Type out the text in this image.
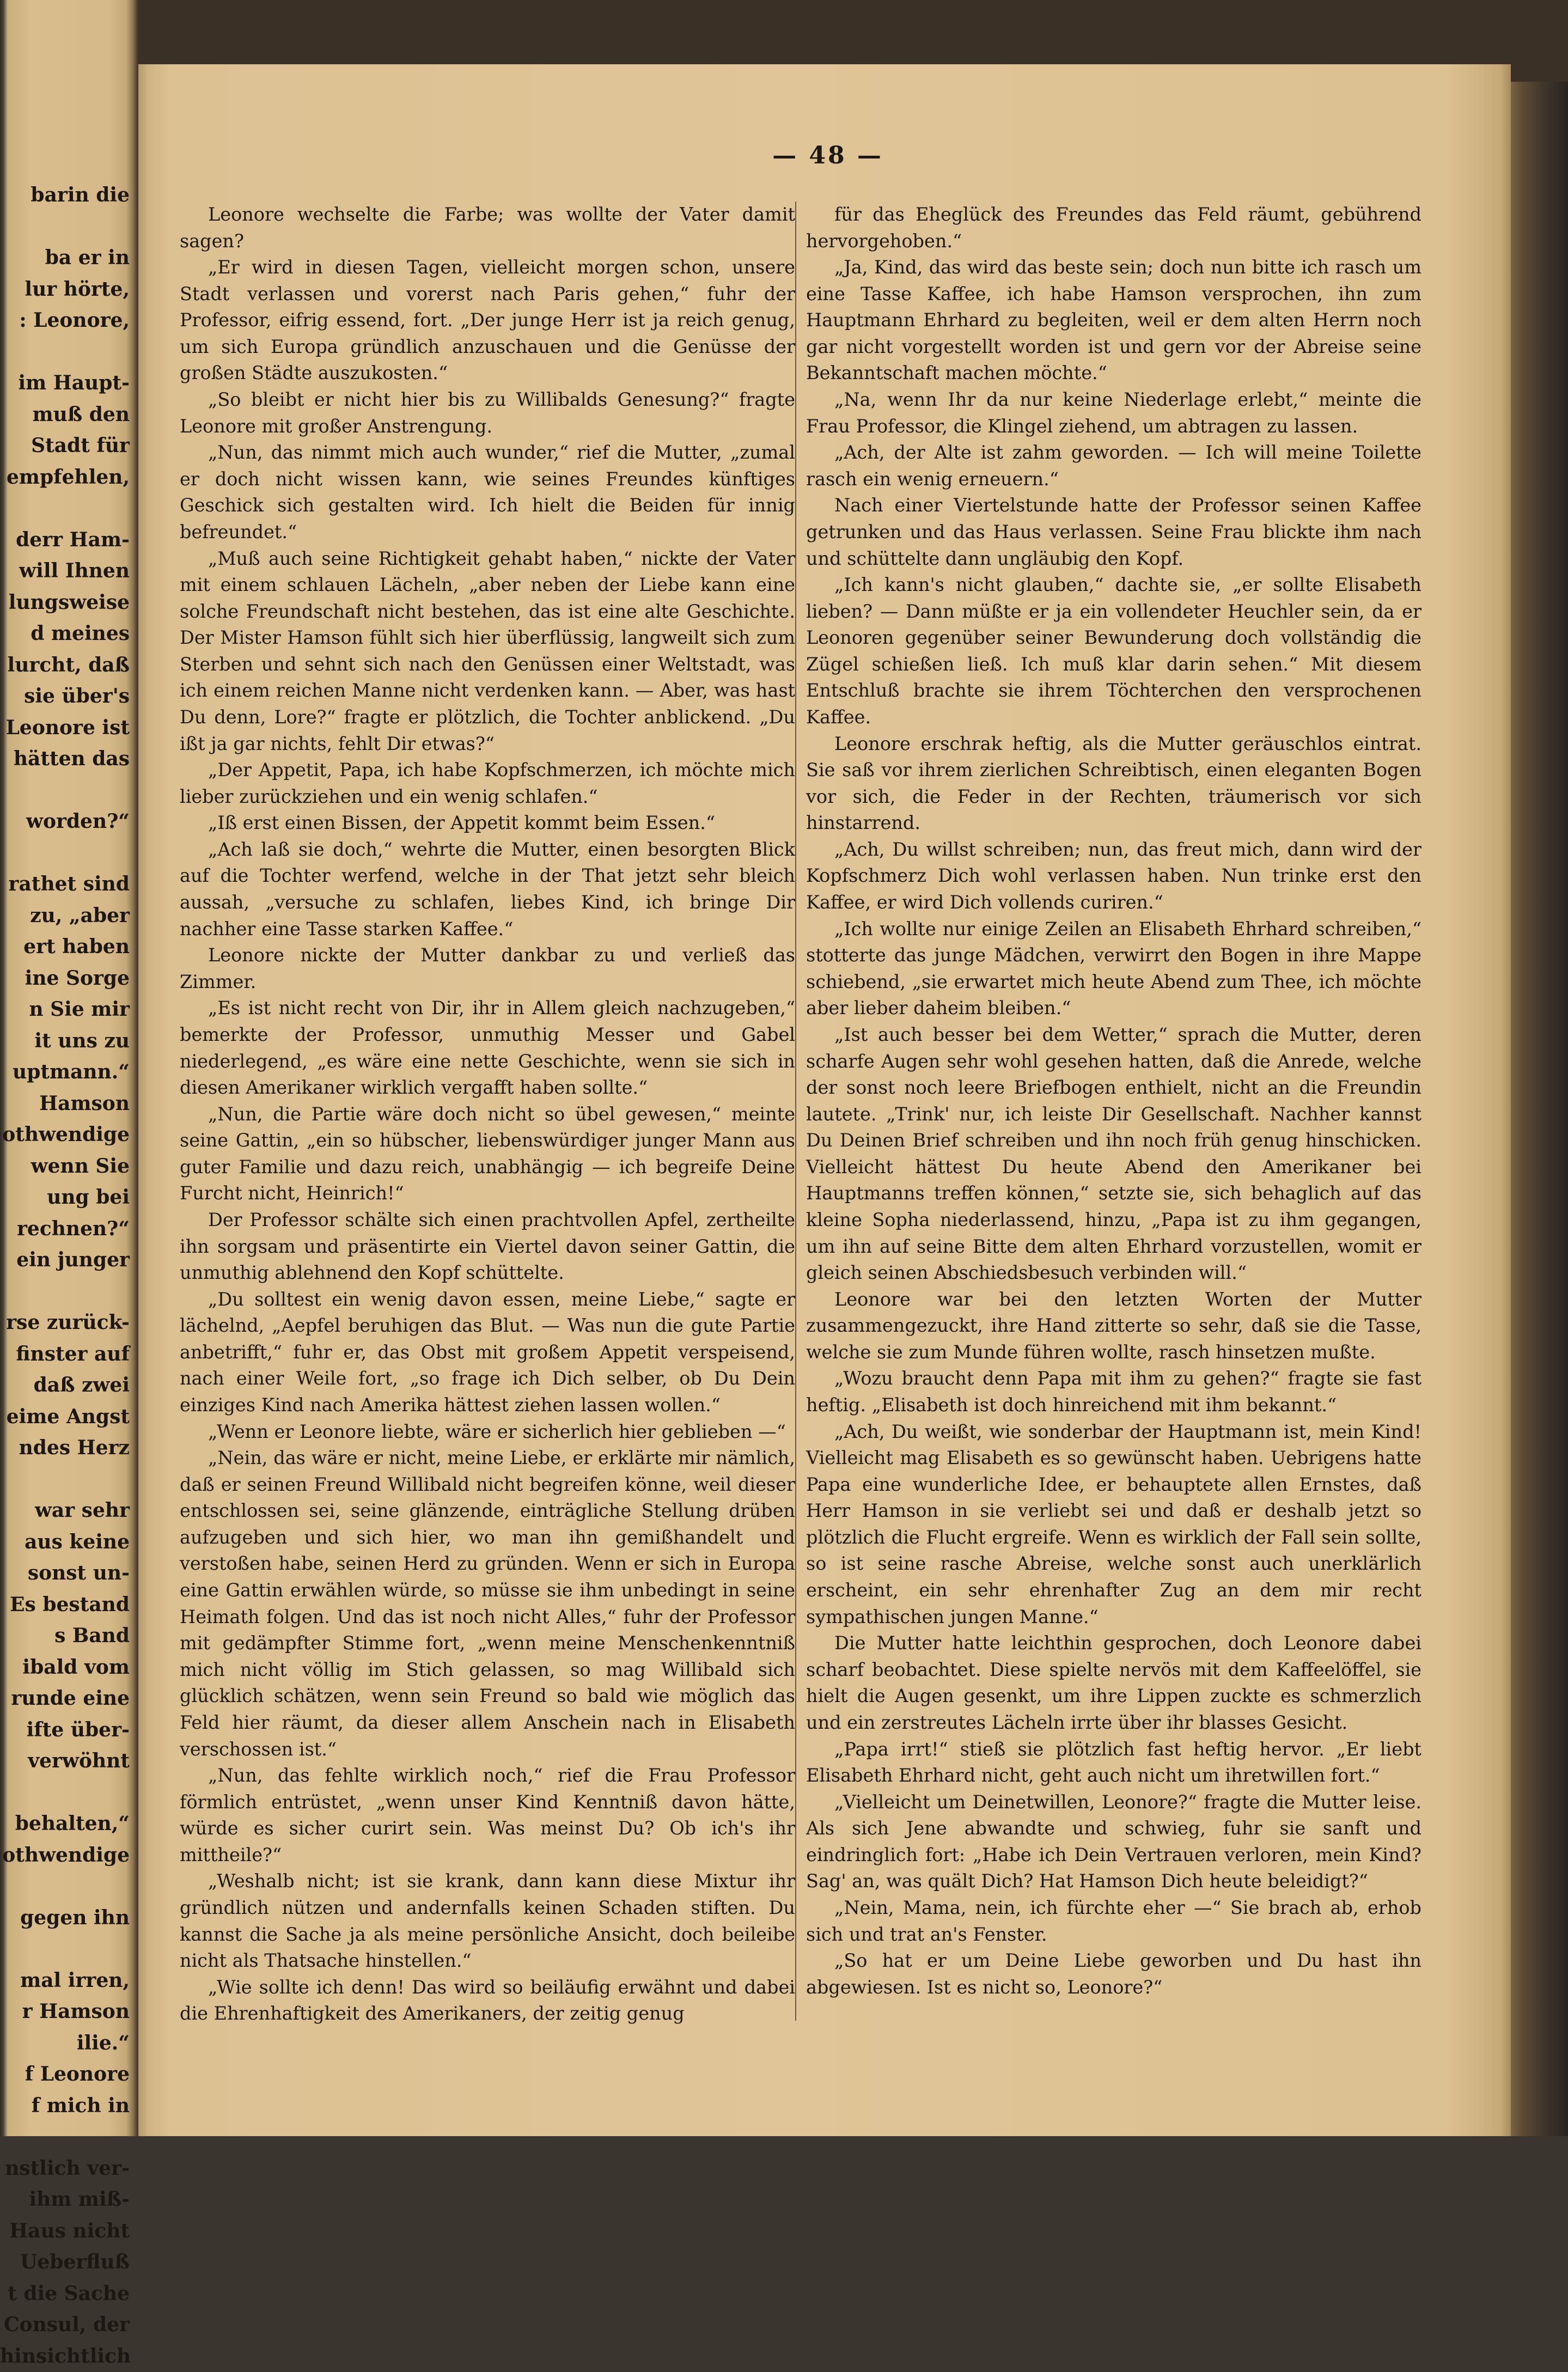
barin die
ba er in
lur hörte,
: Leonore,
im Haupt-
muß den
Stadt für
empfehlen,
derr Ham-
will Ihnen
lungsweise
d meines
lurcht, daß
sie über's
Leonore ist
hätten das
worden?“
rathet sind
zu, „aber
ert haben
ine Sorge
n Sie mir
it uns zu
uptmann.“
Hamson
othwendige
wenn Sie
ung bei
rechnen?“
ein junger
rse zurück-
finster auf
daß zwei
eime Angst
ndes Herz
war sehr
aus keine
sonst un-
Es bestand
s Band
ibald vom
runde eine
ifte über-
verwöhnt
behalten,“
othwendige
gegen ihn
mal irren,
r Hamson
ilie.“
f Leonore
f mich in
nstlich ver-
ihm miß-
Haus nicht
Ueberfluß
t die Sache
Consul, der
hinsichtlich
— 48 —

Leonore wechselte die Farbe; was wollte der Vater damit sagen?

„Er wird in diesen Tagen, vielleicht morgen schon, unsere Stadt verlassen und vorerst nach Paris gehen,“ fuhr der Professor, eifrig essend, fort. „Der junge Herr ist ja reich genug, um sich Europa gründlich anzuschauen und die Genüsse der großen Städte auszukosten.“

„So bleibt er nicht hier bis zu Willibalds Genesung?“ fragte Leonore mit großer Anstrengung.

„Nun, das nimmt mich auch wunder,“ rief die Mutter, „zumal er doch nicht wissen kann, wie seines Freundes künftiges Geschick sich gestalten wird. Ich hielt die Beiden für innig befreundet.“

„Muß auch seine Richtigkeit gehabt haben,“ nickte der Vater mit einem schlauen Lächeln, „aber neben der Liebe kann eine solche Freundschaft nicht bestehen, das ist eine alte Geschichte. Der Mister Hamson fühlt sich hier überflüssig, langweilt sich zum Sterben und sehnt sich nach den Genüssen einer Weltstadt, was ich einem reichen Manne nicht verdenken kann. — Aber, was hast Du denn, Lore?“ fragte er plötzlich, die Tochter anblickend. „Du ißt ja gar nichts, fehlt Dir etwas?“

„Der Appetit, Papa, ich habe Kopfschmerzen, ich möchte mich lieber zurückziehen und ein wenig schlafen.“

„Iß erst einen Bissen, der Appetit kommt beim Essen.“

„Ach laß sie doch,“ wehrte die Mutter, einen besorgten Blick auf die Tochter werfend, welche in der That jetzt sehr bleich aussah, „versuche zu schlafen, liebes Kind, ich bringe Dir nachher eine Tasse starken Kaffee.“

Leonore nickte der Mutter dankbar zu und verließ das Zimmer.

„Es ist nicht recht von Dir, ihr in Allem gleich nachzugeben,“ bemerkte der Professor, unmuthig Messer und Gabel niederlegend, „es wäre eine nette Geschichte, wenn sie sich in diesen Amerikaner wirklich vergafft haben sollte.“

„Nun, die Partie wäre doch nicht so übel gewesen,“ meinte seine Gattin, „ein so hübscher, liebenswürdiger junger Mann aus guter Familie und dazu reich, unabhängig — ich begreife Deine Furcht nicht, Heinrich!“

Der Professor schälte sich einen prachtvollen Apfel, zertheilte ihn sorgsam und präsentirte ein Viertel davon seiner Gattin, die unmuthig ablehnend den Kopf schüttelte.

„Du solltest ein wenig davon essen, meine Liebe,“ sagte er lächelnd, „Aepfel beruhigen das Blut. — Was nun die gute Partie anbetrifft,“ fuhr er, das Obst mit großem Appetit verspeisend, nach einer Weile fort, „so frage ich Dich selber, ob Du Dein einziges Kind nach Amerika hättest ziehen lassen wollen.“

„Wenn er Leonore liebte, wäre er sicherlich hier geblieben —“

„Nein, das wäre er nicht, meine Liebe, er erklärte mir nämlich, daß er seinen Freund Willibald nicht begreifen könne, weil dieser entschlossen sei, seine glänzende, einträgliche Stellung drüben aufzugeben und sich hier, wo man ihn gemißhandelt und verstoßen habe, seinen Herd zu gründen. Wenn er sich in Europa eine Gattin erwählen würde, so müsse sie ihm unbedingt in seine Heimath folgen. Und das ist noch nicht Alles,“ fuhr der Professor mit gedämpfter Stimme fort, „wenn meine Menschenkenntniß mich nicht völlig im Stich gelassen, so mag Willibald sich glücklich schätzen, wenn sein Freund so bald wie möglich das Feld hier räumt, da dieser allem Anschein nach in Elisabeth verschossen ist.“

„Nun, das fehlte wirklich noch,“ rief die Frau Professor förmlich entrüstet, „wenn unser Kind Kenntniß davon hätte, würde es sicher curirt sein. Was meinst Du? Ob ich's ihr mittheile?“

„Weshalb nicht; ist sie krank, dann kann diese Mixtur ihr gründlich nützen und andernfalls keinen Schaden stiften. Du kannst die Sache ja als meine persönliche Ansicht, doch beileibe nicht als Thatsache hinstellen.“

„Wie sollte ich denn! Das wird so beiläufig erwähnt und dabei die Ehrenhaftigkeit des Amerikaners, der zeitig genug

für das Eheglück des Freundes das Feld räumt, gebührend hervorgehoben.“

„Ja, Kind, das wird das beste sein; doch nun bitte ich rasch um eine Tasse Kaffee, ich habe Hamson versprochen, ihn zum Hauptmann Ehrhard zu begleiten, weil er dem alten Herrn noch gar nicht vorgestellt worden ist und gern vor der Abreise seine Bekanntschaft machen möchte.“

„Na, wenn Ihr da nur keine Niederlage erlebt,“ meinte die Frau Professor, die Klingel ziehend, um abtragen zu lassen.

„Ach, der Alte ist zahm geworden. — Ich will meine Toilette rasch ein wenig erneuern.“

Nach einer Viertelstunde hatte der Professor seinen Kaffee getrunken und das Haus verlassen. Seine Frau blickte ihm nach und schüttelte dann ungläubig den Kopf.

„Ich kann's nicht glauben,“ dachte sie, „er sollte Elisabeth lieben? — Dann müßte er ja ein vollendeter Heuchler sein, da er Leonoren gegenüber seiner Bewunderung doch vollständig die Zügel schießen ließ. Ich muß klar darin sehen.“ Mit diesem Entschluß brachte sie ihrem Töchterchen den versprochenen Kaffee.

Leonore erschrak heftig, als die Mutter geräuschlos eintrat. Sie saß vor ihrem zierlichen Schreibtisch, einen eleganten Bogen vor sich, die Feder in der Rechten, träumerisch vor sich hinstarrend.

„Ach, Du willst schreiben; nun, das freut mich, dann wird der Kopfschmerz Dich wohl verlassen haben. Nun trinke erst den Kaffee, er wird Dich vollends curiren.“

„Ich wollte nur einige Zeilen an Elisabeth Ehrhard schreiben,“ stotterte das junge Mädchen, verwirrt den Bogen in ihre Mappe schiebend, „sie erwartet mich heute Abend zum Thee, ich möchte aber lieber daheim bleiben.“

„Ist auch besser bei dem Wetter,“ sprach die Mutter, deren scharfe Augen sehr wohl gesehen hatten, daß die Anrede, welche der sonst noch leere Briefbogen enthielt, nicht an die Freundin lautete. „Trink' nur, ich leiste Dir Gesellschaft. Nachher kannst Du Deinen Brief schreiben und ihn noch früh genug hinschicken. Vielleicht hättest Du heute Abend den Amerikaner bei Hauptmanns treffen können,“ setzte sie, sich behaglich auf das kleine Sopha niederlassend, hinzu, „Papa ist zu ihm gegangen, um ihn auf seine Bitte dem alten Ehrhard vorzustellen, womit er gleich seinen Abschiedsbesuch verbinden will.“

Leonore war bei den letzten Worten der Mutter zusammengezuckt, ihre Hand zitterte so sehr, daß sie die Tasse, welche sie zum Munde führen wollte, rasch hinsetzen mußte.

„Wozu braucht denn Papa mit ihm zu gehen?“ fragte sie fast heftig. „Elisabeth ist doch hinreichend mit ihm bekannt.“

„Ach, Du weißt, wie sonderbar der Hauptmann ist, mein Kind! Vielleicht mag Elisabeth es so gewünscht haben. Uebrigens hatte Papa eine wunderliche Idee, er behauptete allen Ernstes, daß Herr Hamson in sie verliebt sei und daß er deshalb jetzt so plötzlich die Flucht ergreife. Wenn es wirklich der Fall sein sollte, so ist seine rasche Abreise, welche sonst auch unerklärlich erscheint, ein sehr ehrenhafter Zug an dem mir recht sympathischen jungen Manne.“

Die Mutter hatte leichthin gesprochen, doch Leonore dabei scharf beobachtet. Diese spielte nervös mit dem Kaffeelöffel, sie hielt die Augen gesenkt, um ihre Lippen zuckte es schmerzlich und ein zerstreutes Lächeln irrte über ihr blasses Gesicht.

„Papa irrt!“ stieß sie plötzlich fast heftig hervor. „Er liebt Elisabeth Ehrhard nicht, geht auch nicht um ihretwillen fort.“

„Vielleicht um Deinetwillen, Leonore?“ fragte die Mutter leise. Als sich Jene abwandte und schwieg, fuhr sie sanft und eindringlich fort: „Habe ich Dein Vertrauen verloren, mein Kind? Sag' an, was quält Dich? Hat Hamson Dich heute beleidigt?“

„Nein, Mama, nein, ich fürchte eher —“ Sie brach ab, erhob sich und trat an's Fenster.

„So hat er um Deine Liebe geworben und Du hast ihn abgewiesen. Ist es nicht so, Leonore?“
